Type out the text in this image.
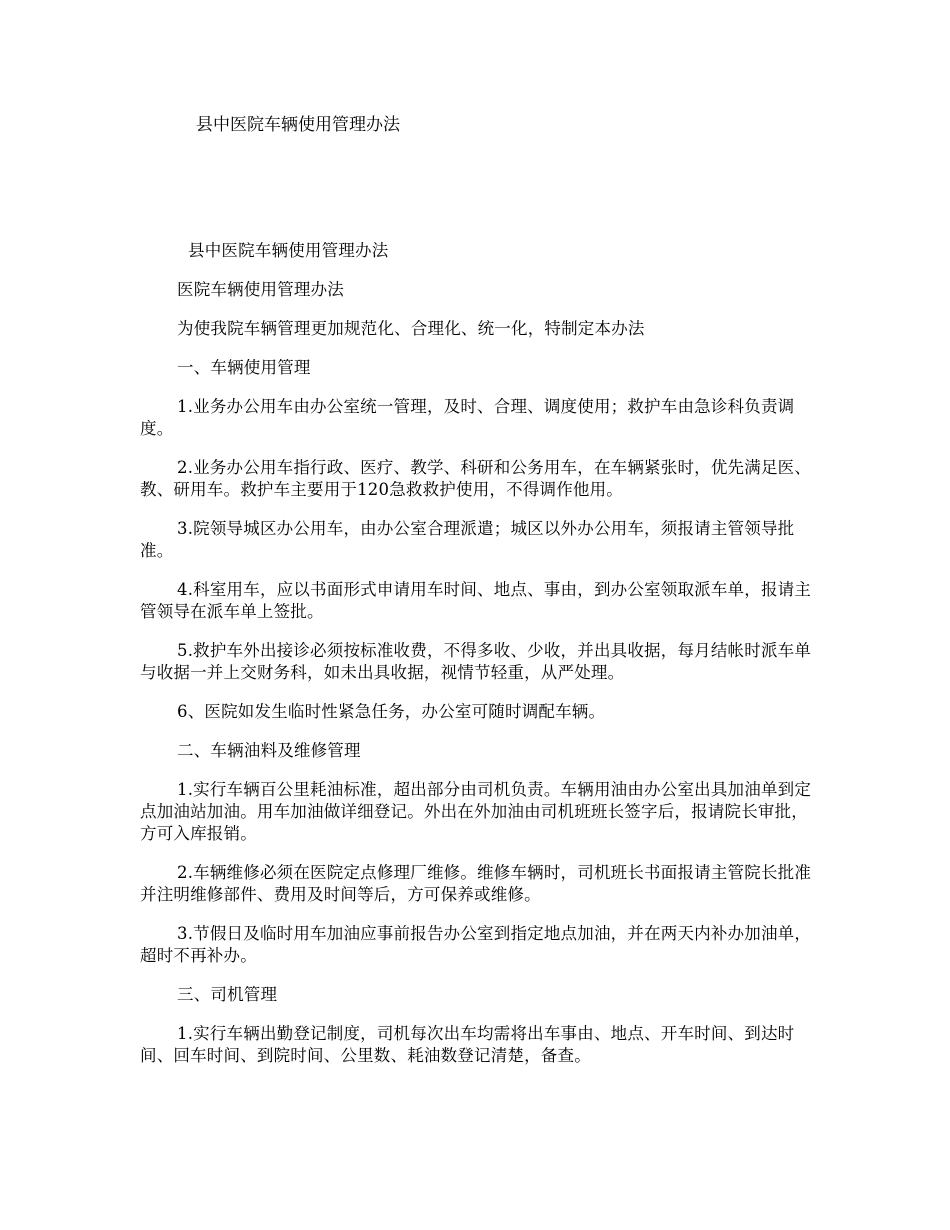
县中医院车辆使用管理办法

县中医院车辆使用管理办法

医院车辆使用管理办法

为使我院车辆管理更加规范化、合理化、统一化，特制定本办法

一、车辆使用管理

1.业务办公用车由办公室统一管理，及时、合理、调度使用；救护车由急诊科负责调度。

2.业务办公用车指行政、医疗、教学、科研和公务用车，在车辆紧张时，优先满足医、教、研用车。救护车主要用于120急救救护使用，不得调作他用。

3.院领导城区办公用车，由办公室合理派遣；城区以外办公用车，须报请主管领导批准。

4.科室用车，应以书面形式申请用车时间、地点、事由，到办公室领取派车单，报请主管领导在派车单上签批。

5.救护车外出接诊必须按标准收费，不得多收、少收，并出具收据，每月结帐时派车单与收据一并上交财务科，如未出具收据，视情节轻重，从严处理。

6、医院如发生临时性紧急任务，办公室可随时调配车辆。

二、车辆油料及维修管理

1.实行车辆百公里耗油标准，超出部分由司机负责。车辆用油由办公室出具加油单到定点加油站加油。用车加油做详细登记。外出在外加油由司机班班长签字后，报请院长审批，方可入库报销。

2.车辆维修必须在医院定点修理厂维修。维修车辆时，司机班长书面报请主管院长批准并注明维修部件、费用及时间等后，方可保养或维修。

3.节假日及临时用车加油应事前报告办公室到指定地点加油，并在两天内补办加油单，超时不再补办。

三、司机管理

1.实行车辆出勤登记制度，司机每次出车均需将出车事由、地点、开车时间、到达时间、回车时间、到院时间、公里数、耗油数登记清楚，备查。
